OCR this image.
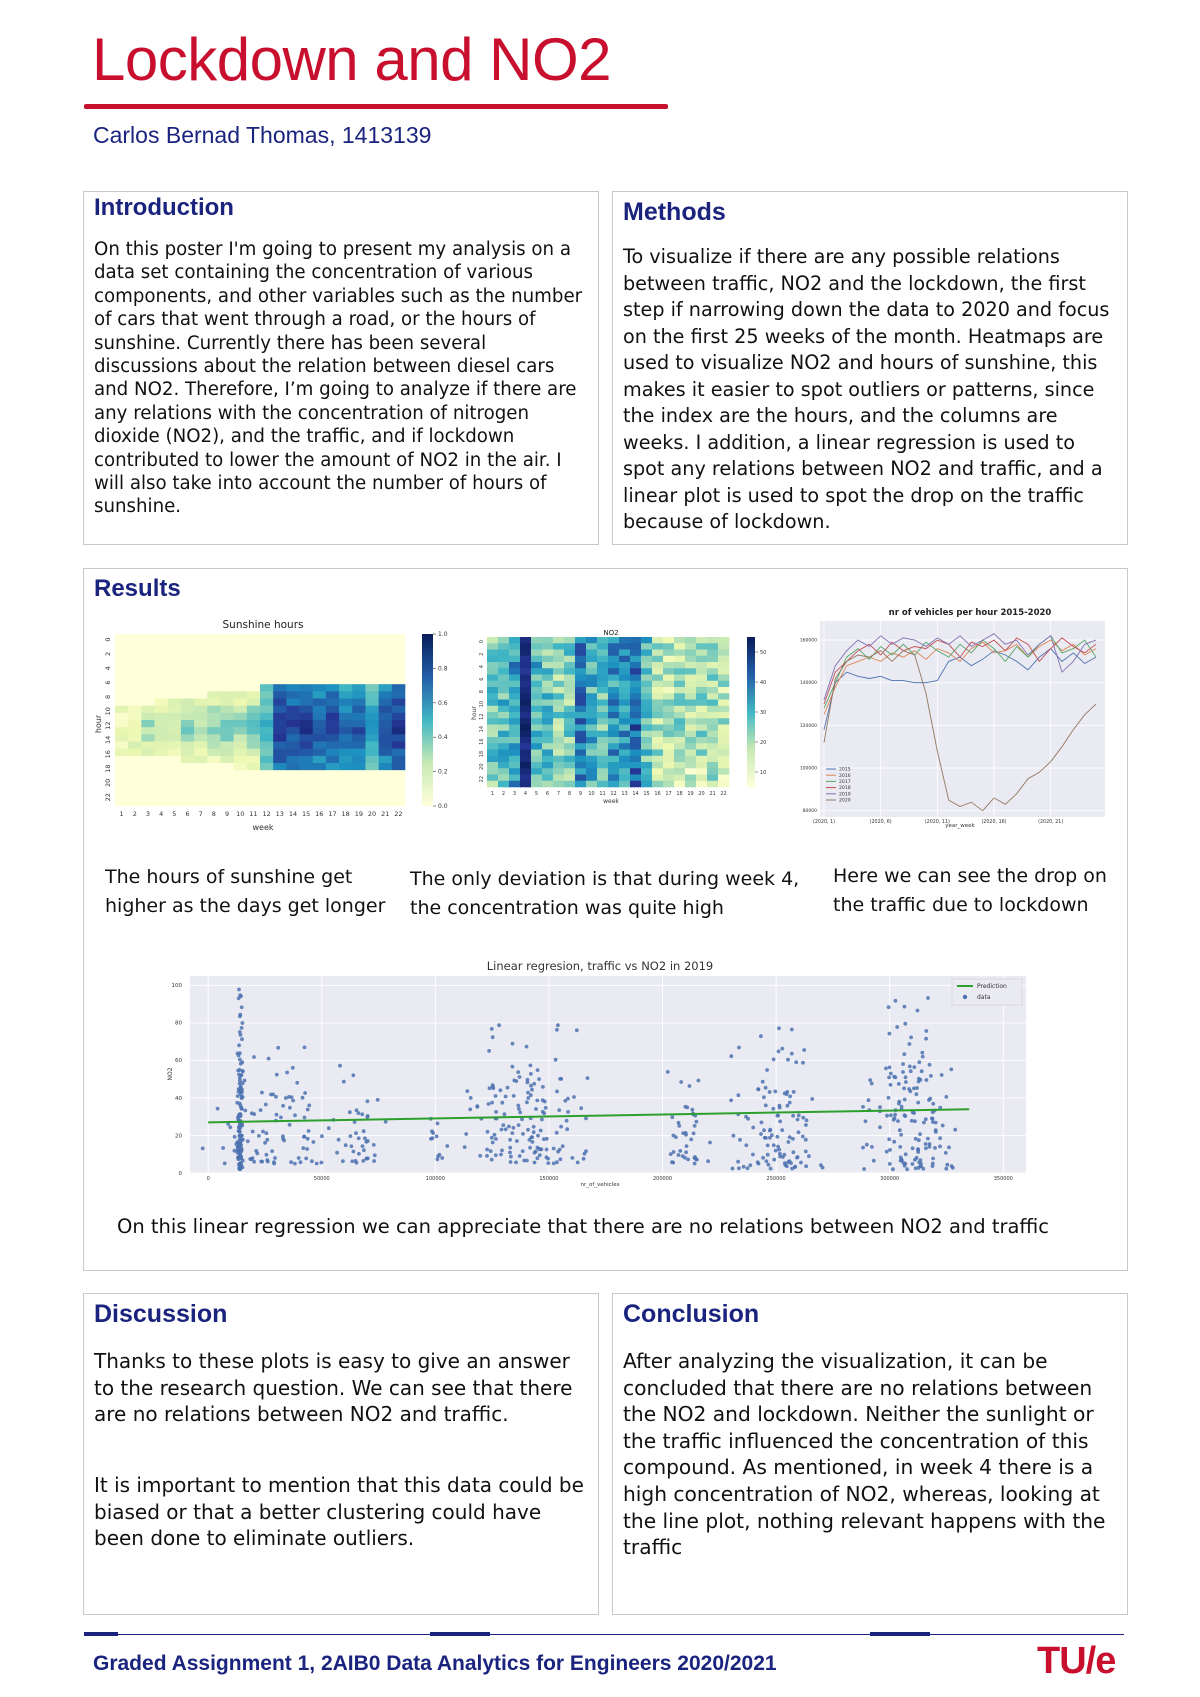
Lockdown and NO2
Carlos Bernad Thomas, 1413139
Introduction

On this poster I'm going to present my analysis on a data set containing the concentration of various components, and other variables such as the number of cars that went through a road, or the hours of sunshine. Currently there has been several discussions about the relation between diesel cars and NO2. Therefore, I’m going to analyze if there are any relations with the concentration of nitrogen dioxide (NO2), and the traffic, and if lockdown contributed to lower the amount of NO2 in the air. I will also take into account the number of hours of sunshine.

Methods

To visualize if there are any possible relations between traffic, NO2 and the lockdown, the first step if narrowing down the data to 2020 and focus on the first 25 weeks of the month. Heatmaps are used to visualize NO2 and hours of sunshine, this makes it easier to spot outliers or patterns, since the index are the hours, and the columns are weeks. I addition, a linear regression is used to spot any relations between NO2 and traffic, and a linear plot is used to spot the drop on the traffic because of lockdown.

Results
Sunshine hours
0
2
4
6
8
10
12
14
16
18
20
22
1 2 3 4 5 6 7 8 9 10 11 12 13 14 15 16 17 18 19 20 21 22
week
hour
0.0
0.2
0.4
0.6
0.8
1.0	NO2
0
2
4
6
8
10
12
14
16
18
20
22
1 2 3 4 5 6 7 8 9 10 11 12 13 14 15 16 17 18 19 20 21 22
week
hour
10
20
30
40
50
nr of vehicles per hour 2015-2020
80000
100000
120000
140000
160000
(2020, 1)	(2020, 6)	(2020, 11)	(2020, 16)	(2020, 21)
2015
2016
2017
2018
2019
2020
year_week
The hours of sunshine get higher as the days get longer
The only deviation is that during week 4, the concentration was quite high
Here we can see the drop on the traffic due to lockdown
Linear regresion, traffic vs NO2 in 2019
0
20
40
60
80
100
0	50000	100000	150000	200000	250000	300000	350000
nr_of_vehicles
NO2
Prediction
data
On this linear regression we can appreciate that there are no relations between NO2 and traffic
Discussion

Thanks to these plots is easy to give an answer to the research question. We can see that there are no relations between NO2 and traffic.

It is important to mention that this data could be biased or that a better clustering could have been done to eliminate outliers.

Conclusion

After analyzing the visualization, it can be concluded that there are no relations between the NO2 and lockdown. Neither the sunlight or the traffic influenced the concentration of this compound. As mentioned, in week 4 there is a high concentration of NO2, whereas, looking at the line plot, nothing relevant happens with the traffic

Graded Assignment 1, 2AIB0 Data Analytics for Engineers 2020/2021	TU/e
